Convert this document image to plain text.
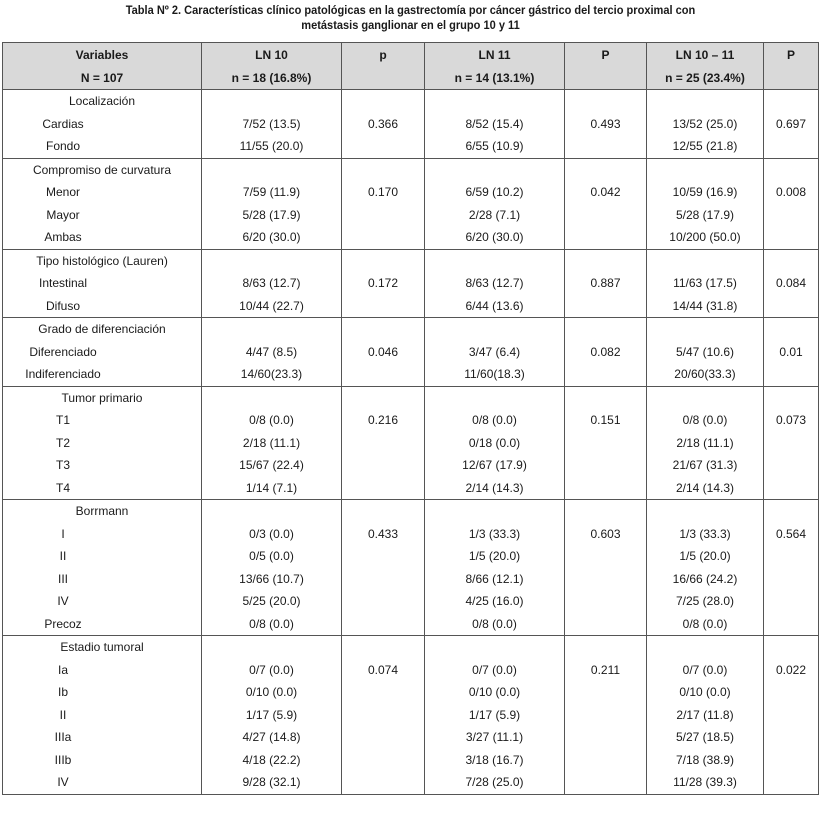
Tabla Nº 2. Características clínico patológicas en la gastrectomía por cáncer gástrico del tercio proximal con
metástasis ganglionar en el grupo 10 y 11
Variables	LN 10	p	LN 11	P	LN 10 – 11	P
N = 107	n = 18 (16.8%)		n = 14 (13.1%)		n = 25 (23.4%)	
Localización						
Cardias	7/52 (13.5)	0.366	8/52 (15.4)	0.493	13/52 (25.0)	0.697
Fondo	11/55 (20.0)		6/55 (10.9)		12/55 (21.8)	
Compromiso de curvatura						
Menor	7/59 (11.9)	0.170	6/59 (10.2)	0.042	10/59 (16.9)	0.008
Mayor	5/28 (17.9)		2/28 (7.1)		5/28 (17.9)	
Ambas	6/20 (30.0)		6/20 (30.0)		10/200 (50.0)	
Tipo histológico (Lauren)						
Intestinal	8/63 (12.7)	0.172	8/63 (12.7)	0.887	11/63 (17.5)	0.084
Difuso	10/44 (22.7)		6/44 (13.6)		14/44 (31.8)	
Grado de diferenciación						
Diferenciado	4/47 (8.5)	0.046	3/47 (6.4)	0.082	5/47 (10.6)	0.01
Indiferenciado	14/60(23.3)		11/60(18.3)		20/60(33.3)	
Tumor primario						
T1	0/8 (0.0)	0.216	0/8 (0.0)	0.151	0/8 (0.0)	0.073
T2	2/18 (11.1)		0/18 (0.0)		2/18 (11.1)	
T3	15/67 (22.4)		12/67 (17.9)		21/67 (31.3)	
T4	1/14 (7.1)		2/14 (14.3)		2/14 (14.3)	
Borrmann						
I	0/3 (0.0)	0.433	1/3 (33.3)	0.603	1/3 (33.3)	0.564
II	0/5 (0.0)		1/5 (20.0)		1/5 (20.0)	
III	13/66 (10.7)		8/66 (12.1)		16/66 (24.2)	
IV	5/25 (20.0)		4/25 (16.0)		7/25 (28.0)	
Precoz	0/8 (0.0)		0/8 (0.0)		0/8 (0.0)	
Estadio tumoral						
Ia	0/7 (0.0)	0.074	0/7 (0.0)	0.211	0/7 (0.0)	0.022
Ib	0/10 (0.0)		0/10 (0.0)		0/10 (0.0)	
II	1/17 (5.9)		1/17 (5.9)		2/17 (11.8)	
IIIa	4/27 (14.8)		3/27 (11.1)		5/27 (18.5)	
IIIb	4/18 (22.2)		3/18 (16.7)		7/18 (38.9)	
IV	9/28 (32.1)		7/28 (25.0)		11/28 (39.3)	
